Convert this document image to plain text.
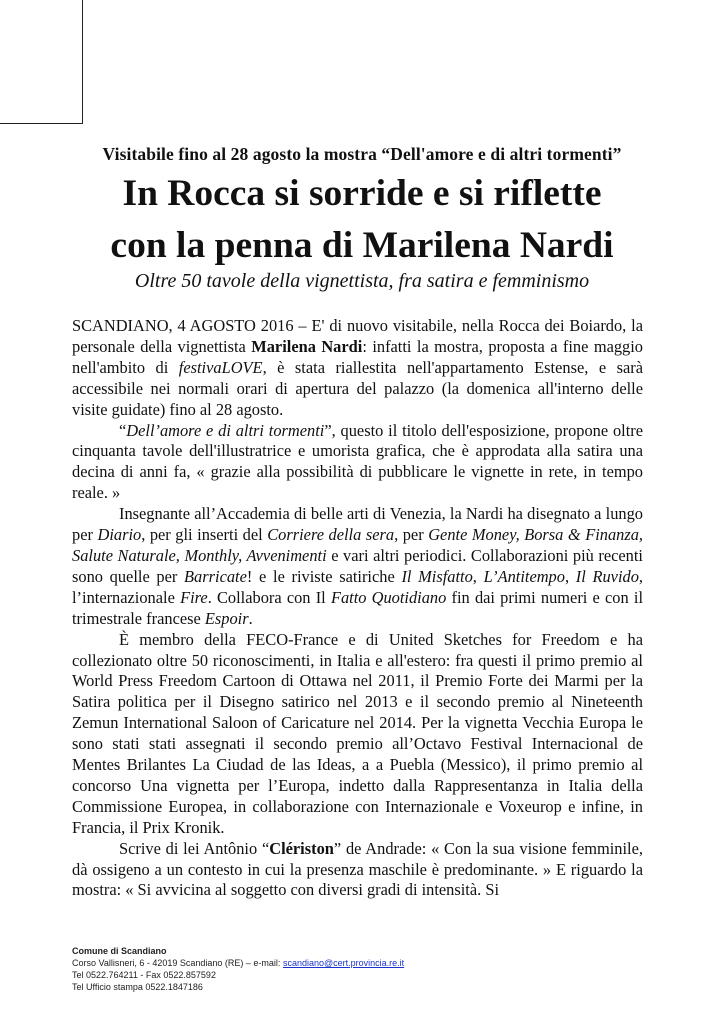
Visitabile fino al 28 agosto la mostra “Dell'amore e di altri tormenti”
In Rocca si sorride e si riflette
con la penna di Marilena Nardi
Oltre 50 tavole della vignettista, fra satira e femminismo

SCANDIANO, 4 AGOSTO 2016 – E' di nuovo visitabile, nella Rocca dei Boiardo, la personale della vignettista Marilena Nardi: infatti la mostra, proposta a fine maggio nell'ambito di festivaLOVE, è stata riallestita nell'appartamento Estense, e sarà accessibile nei normali orari di apertura del palazzo (la domenica all'interno delle visite guidate) fino al 28 agosto.

“Dell’amore e di altri tormenti”, questo il titolo dell'esposizione, propone oltre cinquanta tavole dell'illustratrice e umorista grafica, che è approdata alla satira una decina di anni fa, « grazie alla possibilità di pubblicare le vignette in rete, in tempo reale. »

Insegnante all’Accademia di belle arti di Venezia, la Nardi ha disegnato a lungo per Diario, per gli inserti del Corriere della sera, per Gente Money, Borsa & Finanza, Salute Naturale, Monthly, Avvenimenti e vari altri periodici. Collaborazioni più recenti sono quelle per Barricate! e le riviste satiriche Il Misfatto, L’Antitempo, Il Ruvido, l’internazionale Fire. Collabora con Il Fatto Quotidiano fin dai primi numeri e con il trimestrale francese Espoir.

È membro della FECO-France e di United Sketches for Freedom e ha collezionato oltre 50 riconoscimenti, in Italia e all'estero: fra questi il primo premio al World Press Freedom Cartoon di Ottawa nel 2011, il Premio Forte dei Marmi per la Satira politica per il Disegno satirico nel 2013 e il secondo premio al Nineteenth Zemun International Saloon of Caricature nel 2014. Per la vignetta Vecchia Europa le sono stati stati assegnati il secondo premio all’Octavo Festival Internacional de Mentes Brilantes La Ciudad de las Ideas, a a Puebla (Messico), il primo premio al concorso Una vignetta per l’Europa, indetto dalla Rappresentanza in Italia della Commissione Europea, in collaborazione con Internazionale e Voxeurop e infine, in Francia, il Prix Kronik.

Scrive di lei Antônio “Clériston” de Andrade: « Con la sua visione femminile, dà ossigeno a un contesto in cui la presenza maschile è predominante. » E riguardo la mostra: « Si avvicina al soggetto con diversi gradi di intensità. Si

Comune di Scandiano
Corso Vallisneri, 6 - 42019 Scandiano (RE) – e-mail: scandiano@cert.provincia.re.it
Tel 0522.764211 - Fax 0522.857592
Tel Ufficio stampa 0522.1847186
